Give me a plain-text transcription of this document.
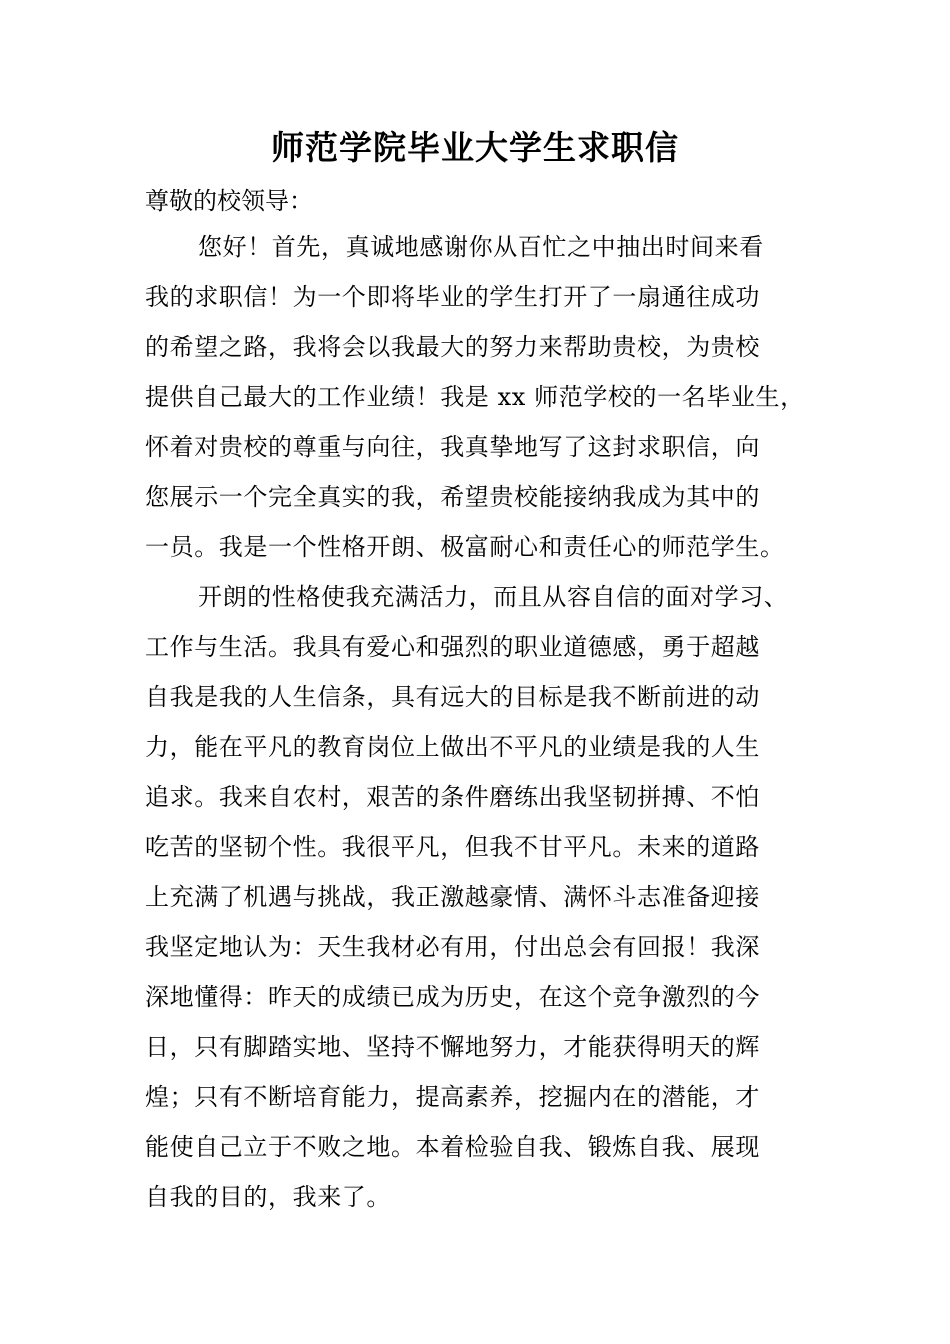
师范学院毕业大学生求职信

尊敬的校领导：

您好！首先，真诚地感谢你从百忙之中抽出时间来看
我的求职信！为一个即将毕业的学生打开了一扇通往成功
的希望之路，我将会以我最大的努力来帮助贵校，为贵校
提供自己最大的工作业绩！我是 xx 师范学校的一名毕业生，
怀着对贵校的尊重与向往，我真挚地写了这封求职信，向
您展示一个完全真实的我，希望贵校能接纳我成为其中的
一员。我是一个性格开朗、极富耐心和责任心的师范学生。
开朗的性格使我充满活力，而且从容自信的面对学习、
工作与生活。我具有爱心和强烈的职业道德感，勇于超越
自我是我的人生信条，具有远大的目标是我不断前进的动
力，能在平凡的教育岗位上做出不平凡的业绩是我的人生
追求。我来自农村，艰苦的条件磨练出我坚韧拼搏、不怕
吃苦的坚韧个性。我很平凡，但我不甘平凡。未来的道路
上充满了机遇与挑战，我正激越豪情、满怀斗志准备迎接
我坚定地认为：天生我材必有用，付出总会有回报！我深
深地懂得：昨天的成绩已成为历史，在这个竞争激烈的今
日，只有脚踏实地、坚持不懈地努力，才能获得明天的辉
煌；只有不断培育能力，提高素养，挖掘内在的潜能，才
能使自己立于不败之地。本着检验自我、锻炼自我、展现
自我的目的，我来了。
